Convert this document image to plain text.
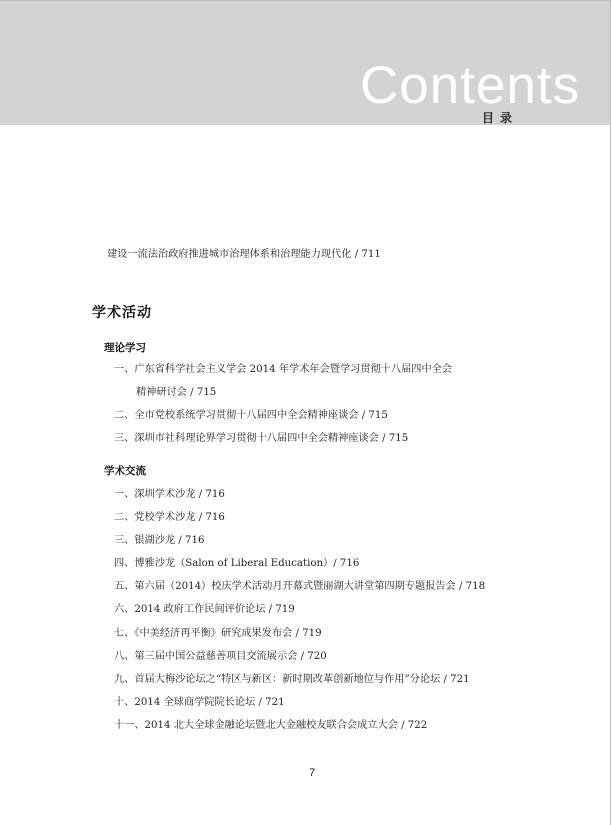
Contents
目录
建设一流法治政府推进城市治理体系和治理能力现代化 / 711
学术活动
理论学习
一、广东省科学社会主义学会 2014 年学术年会暨学习贯彻十八届四中全会
精神研讨会 / 715
二、全市党校系统学习贯彻十八届四中全会精神座谈会 / 715
三、深圳市社科理论界学习贯彻十八届四中全会精神座谈会 / 715
学术交流
一、深圳学术沙龙 / 716
二、党校学术沙龙 / 716
三、银湖沙龙 / 716
四、博雅沙龙（Salon of Liberal Education）/ 716
五、第六届（2014）校庆学术活动月开幕式暨丽湖大讲堂第四期专题报告会 / 718
六、2014 政府工作民间评价论坛 / 719
七、《中美经济再平衡》研究成果发布会 / 719
八、第三届中国公益慈善项目交流展示会 / 720
九、首届大梅沙论坛之“特区与新区：新时期改革创新地位与作用”分论坛 / 721
十、2014 全球商学院院长论坛 / 721
十一、2014 北大全球金融论坛暨北大金融校友联合会成立大会 / 722
7
